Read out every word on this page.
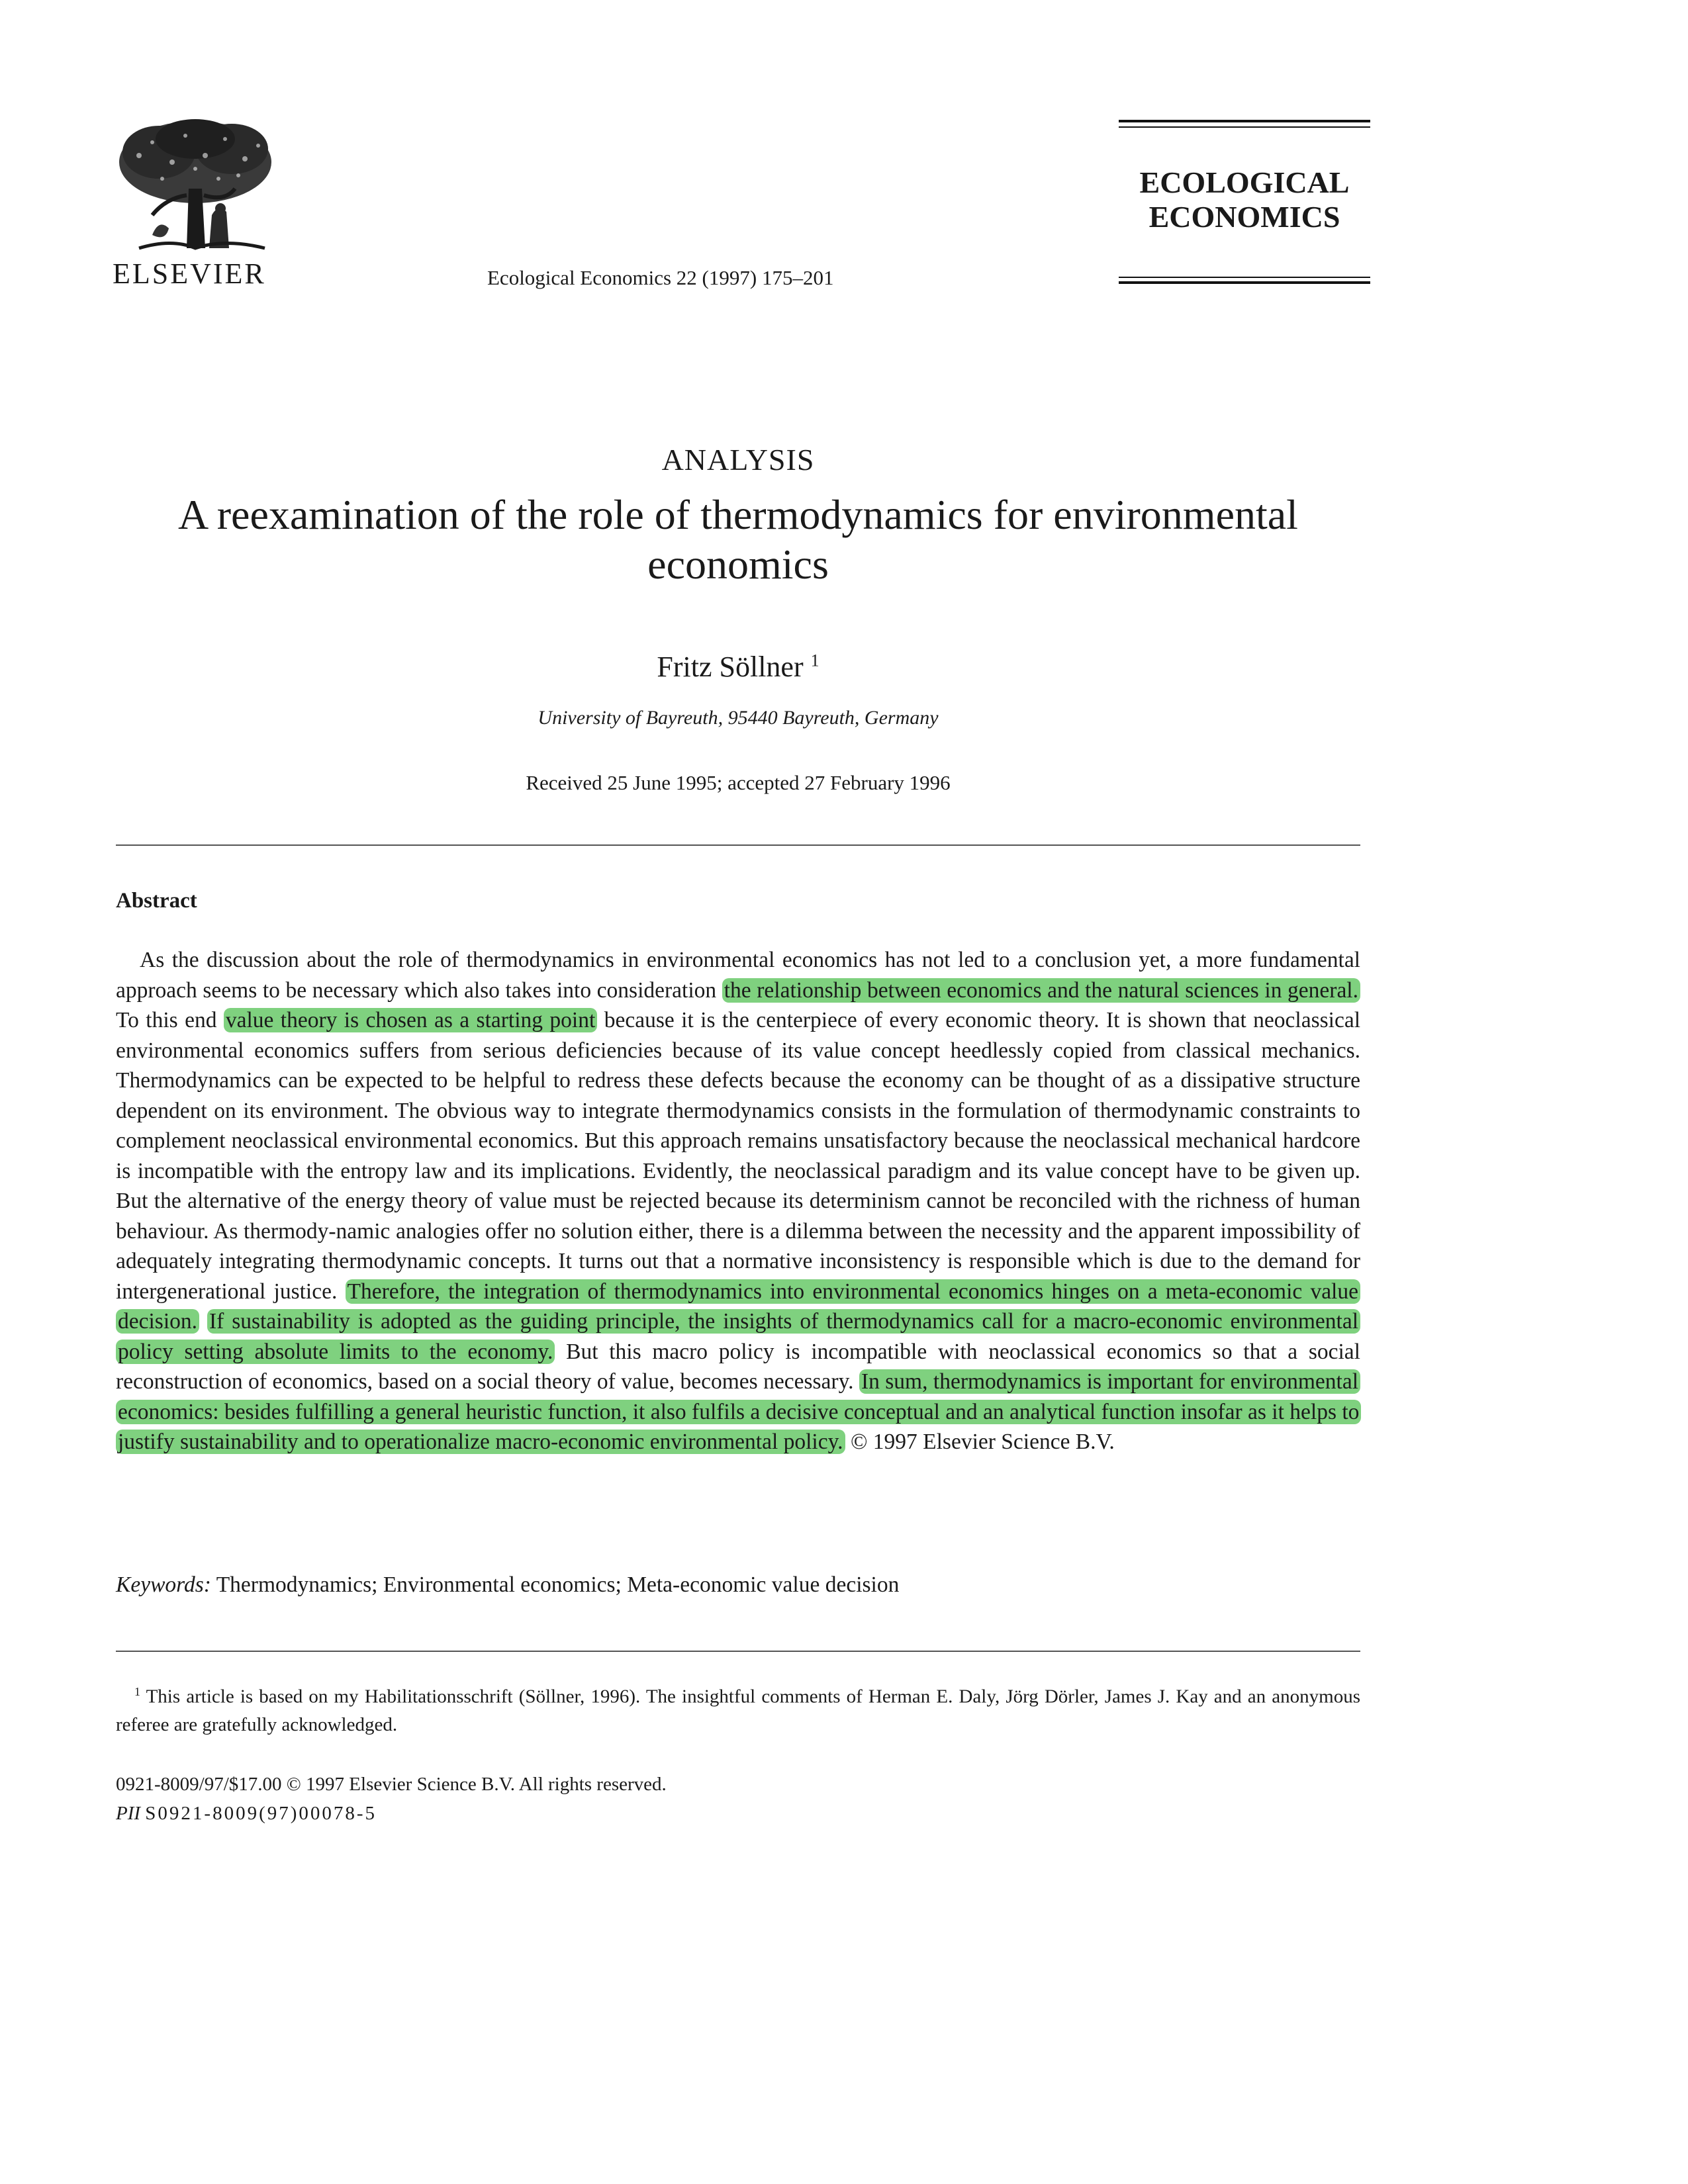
ELSEVIER	Ecological Economics 22 (1997) 175–201
ECOLOGICAL
ECONOMICS
ANALYSIS
A reexamination of the role of thermodynamics for environmental economics
Fritz Söllner $^1$
University of Bayreuth, 95440 Bayreuth, Germany
Received 25 June 1995; accepted 27 February 1996
Abstract
As the discussion about the role of thermodynamics in environmental economics has not led to a conclusion yet, a more fundamental approach seems to be necessary which also takes into consideration the relationship between economics and the natural sciences in general. To this end value theory is chosen as a starting point because it is the centerpiece of every economic theory. It is shown that neoclassical environmental economics suffers from serious deficiencies because of its value concept heedlessly copied from classical mechanics. Thermodynamics can be expected to be helpful to redress these defects because the economy can be thought of as a dissipative structure dependent on its environment. The obvious way to integrate thermodynamics consists in the formulation of thermodynamic constraints to complement neoclassical environmental economics. But this approach remains unsatisfactory because the neoclassical mechanical hardcore is incompatible with the entropy law and its implications. Evidently, the neoclassical paradigm and its value concept have to be given up. But the alternative of the energy theory of value must be rejected because its determinism cannot be reconciled with the richness of human behaviour. As thermody-namic analogies offer no solution either, there is a dilemma between the necessity and the apparent impossibility of adequately integrating thermodynamic concepts. It turns out that a normative inconsistency is responsible which is due to the demand for intergenerational justice. Therefore, the integration of thermodynamics into environmental economics hinges on a meta-economic value decision. If sustainability is adopted as the guiding principle, the insights of thermodynamics call for a macro-economic environmental policy setting absolute limits to the economy. But this macro policy is incompatible with neoclassical economics so that a social reconstruction of economics, based on a social theory of value, becomes necessary. In sum, thermodynamics is important for environmental economics: besides fulfilling a general heuristic function, it also fulfils a decisive conceptual and an analytical function insofar as it helps to justify sustainability and to operationalize macro-economic environmental policy. © 1997 Elsevier Science B.V.
Keywords: Thermodynamics; Environmental economics; Meta-economic value decision
$^1$ This article is based on my Habilitationsschrift (Söllner, 1996). The insightful comments of Herman E. Daly, Jörg Dörler, James J. Kay and an anonymous referee are gratefully acknowledged.
0921-8009/97/$17.00 © 1997 Elsevier Science B.V. All rights reserved.
PII S0921-8009(97)00078-5
